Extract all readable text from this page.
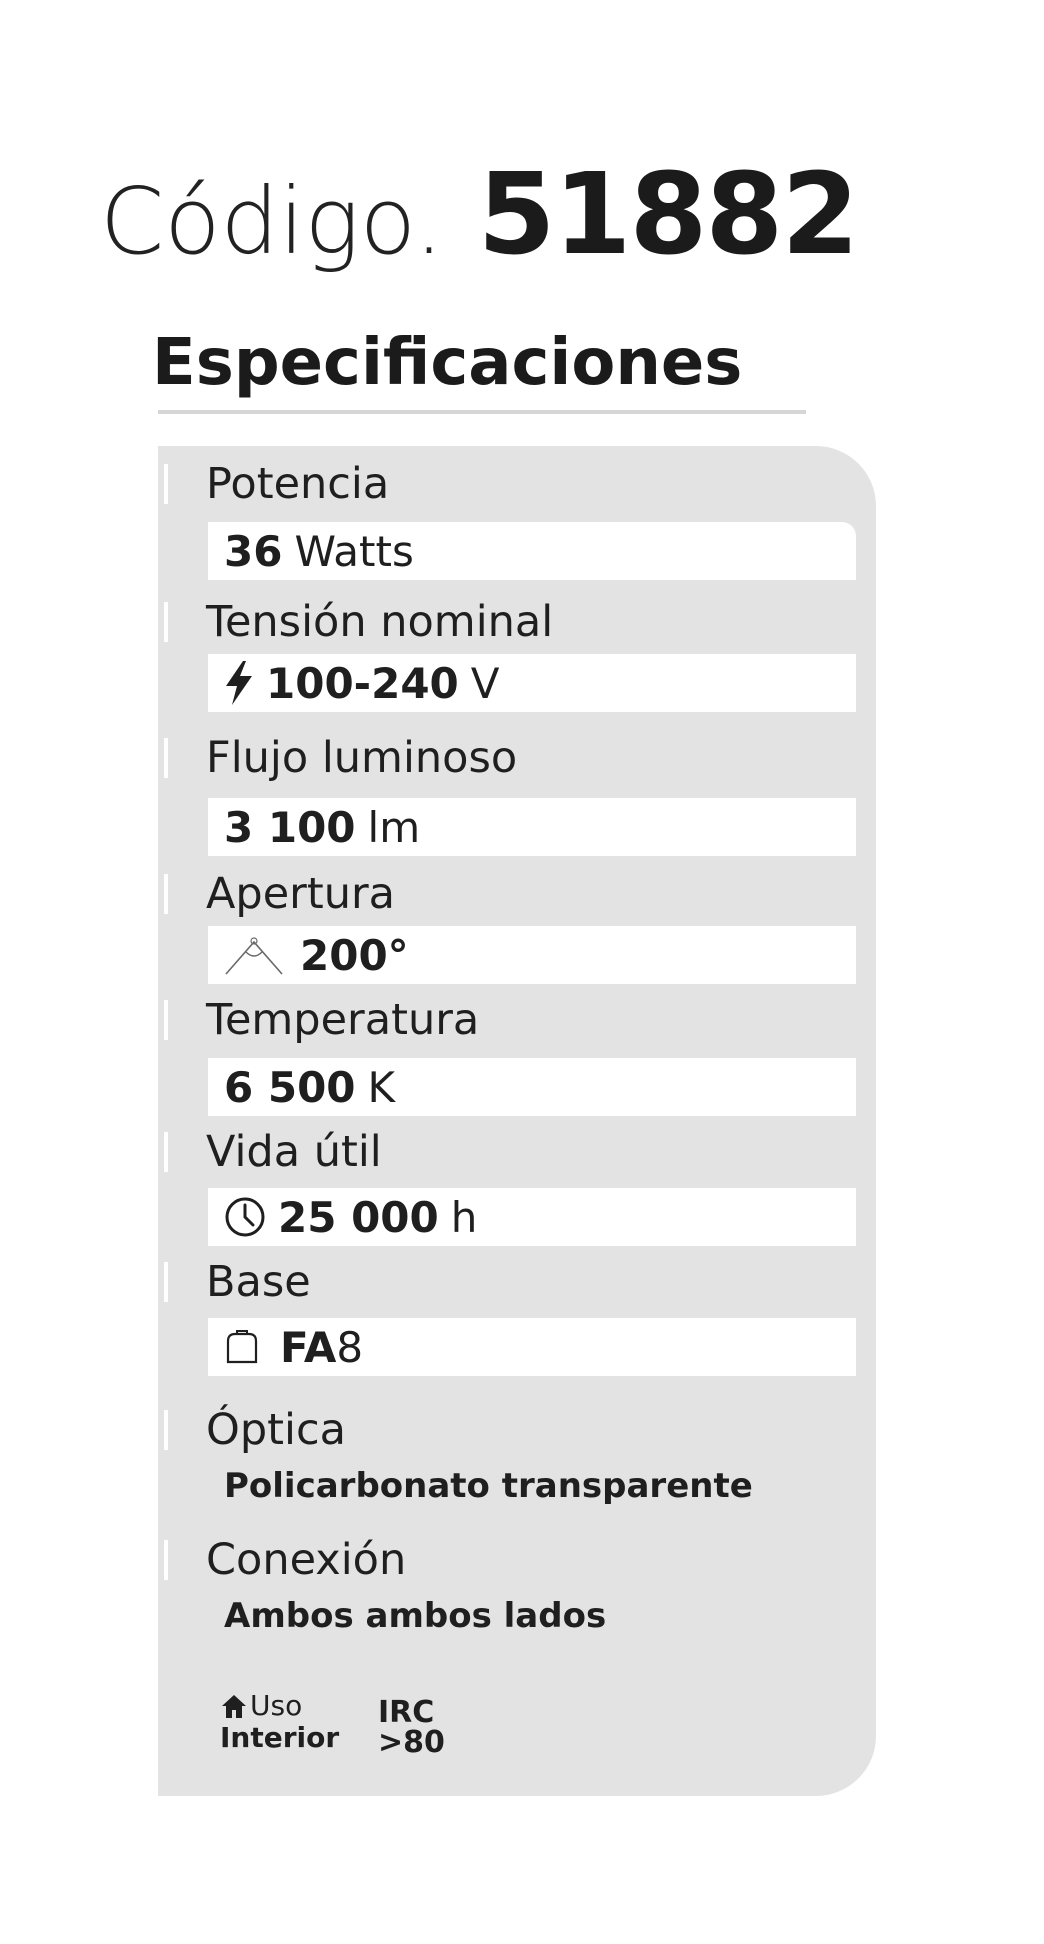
Código. 51882
Especificaciones
Potencia
36 Watts
Tensión nominal
100-240 V
Flujo luminoso
3 100 lm
Apertura
200°
Temperatura
6 500 K
Vida útil
25 000 h
Base
FA 8
Óptica
Policarbonato transparente
Conexión
Ambos ambos lados
Uso
Interior
IRC
>80
